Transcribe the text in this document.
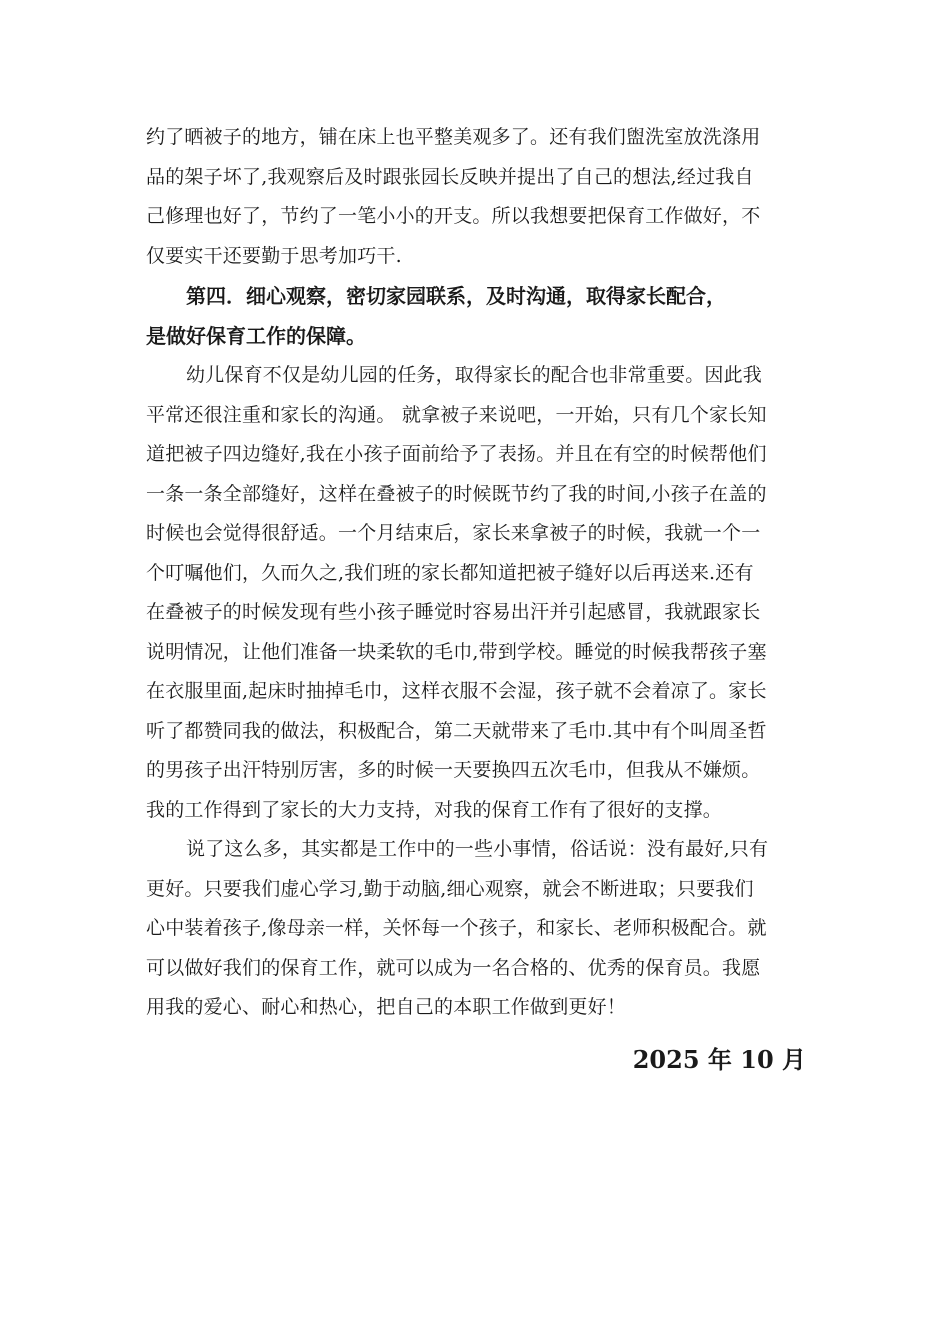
约了晒被子的地方，铺在床上也平整美观多了。还有我们盥洗室放洗涤用
品的架子坏了,我观察后及时跟张园长反映并提出了自己的想法,经过我自
己修理也好了，节约了一笔小小的开支。所以我想要把保育工作做好，不
仅要实干还要勤于思考加巧干.
第四．细心观察，密切家园联系，及时沟通，取得家长配合，
是做好保育工作的保障。
幼儿保育不仅是幼儿园的任务，取得家长的配合也非常重要。因此我
平常还很注重和家长的沟通。 就拿被子来说吧，一开始，只有几个家长知
道把被子四边缝好,我在小孩子面前给予了表扬。并且在有空的时候帮他们
一条一条全部缝好，这样在叠被子的时候既节约了我的时间,小孩子在盖的
时候也会觉得很舒适。一个月结束后，家长来拿被子的时候，我就一个一
个叮嘱他们，久而久之,我们班的家长都知道把被子缝好以后再送来.还有
在叠被子的时候发现有些小孩子睡觉时容易出汗并引起感冒，我就跟家长
说明情况，让他们准备一块柔软的毛巾,带到学校。睡觉的时候我帮孩子塞
在衣服里面,起床时抽掉毛巾，这样衣服不会湿，孩子就不会着凉了。家长
听了都赞同我的做法，积极配合，第二天就带来了毛巾.其中有个叫周圣哲
的男孩子出汗特别厉害，多的时候一天要换四五次毛巾，但我从不嫌烦。
我的工作得到了家长的大力支持，对我的保育工作有了很好的支撑。
说了这么多，其实都是工作中的一些小事情，俗话说：没有最好,只有
更好。只要我们虚心学习,勤于动脑,细心观察，就会不断进取；只要我们
心中装着孩子,像母亲一样，关怀每一个孩子，和家长、老师积极配合。就
可以做好我们的保育工作，就可以成为一名合格的、优秀的保育员。我愿
用我的爱心、耐心和热心，把自己的本职工作做到更好！
2025 年 10 月
